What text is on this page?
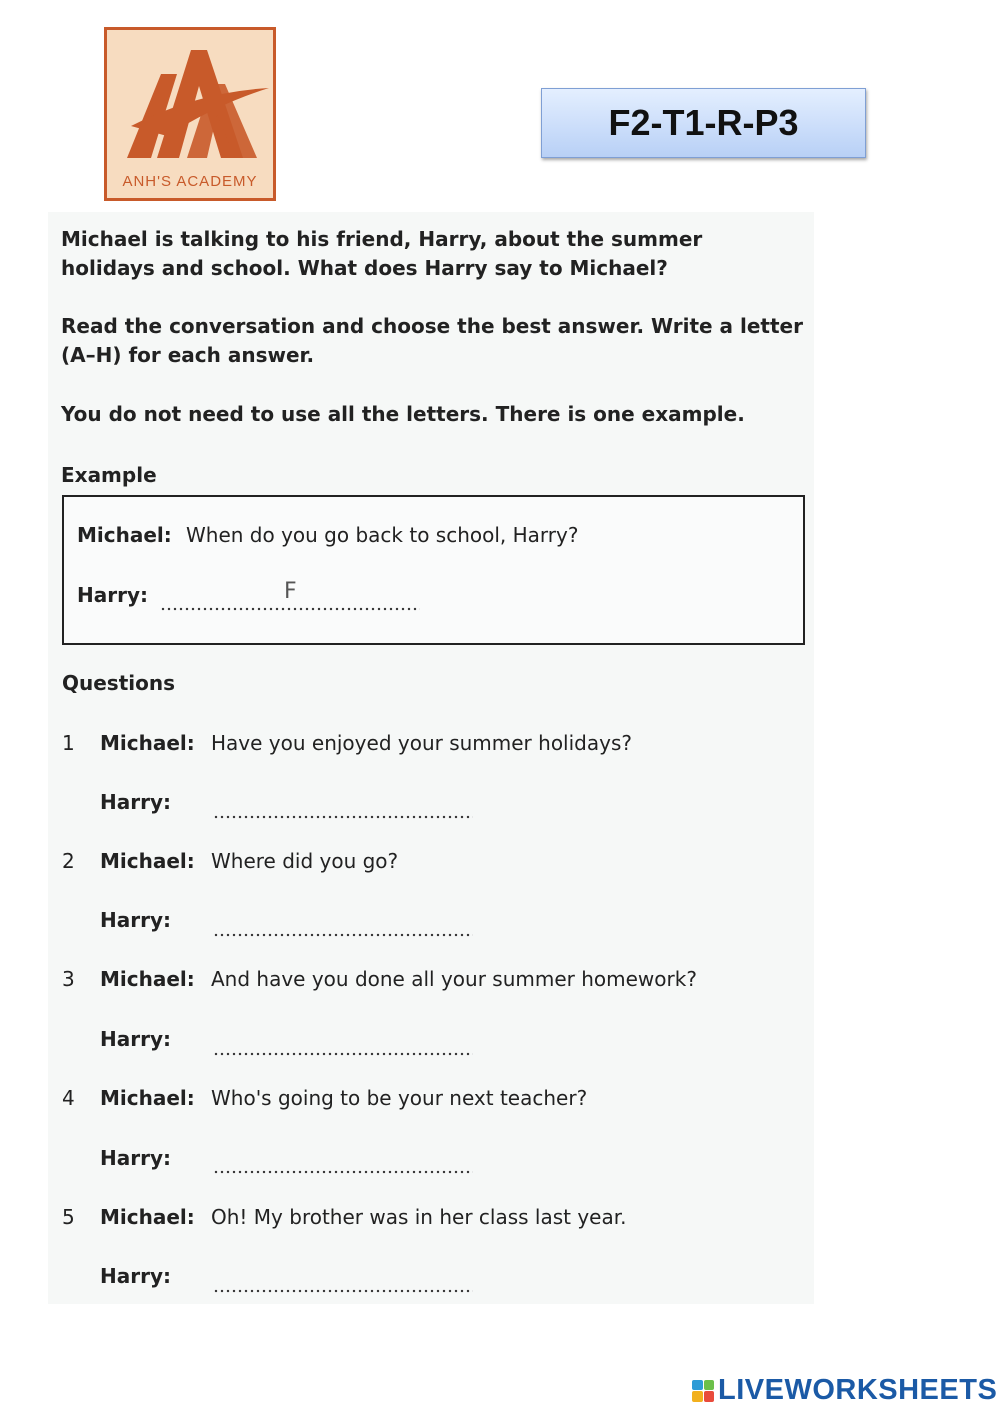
ANH'S ACADEMY
F2-T1-R-P3
Michael is talking to his friend, Harry, about the summer
holidays and school. What does Harry say to Michael?
Read the conversation and choose the best answer. Write a letter
(A–H) for each answer.
You do not need to use all the letters. There is one example.
Example
Michael: When do you go back to school, Harry?
Harry:	F
Questions
1 Michael: Have you enjoyed your summer holidays?
Harry:
2 Michael: Where did you go?
Harry:
3 Michael: And have you done all your summer homework?
Harry:
4 Michael: Who's going to be your next teacher?
Harry:
5 Michael: Oh! My brother was in her class last year.
Harry:
LIVEWORKSHEETS
